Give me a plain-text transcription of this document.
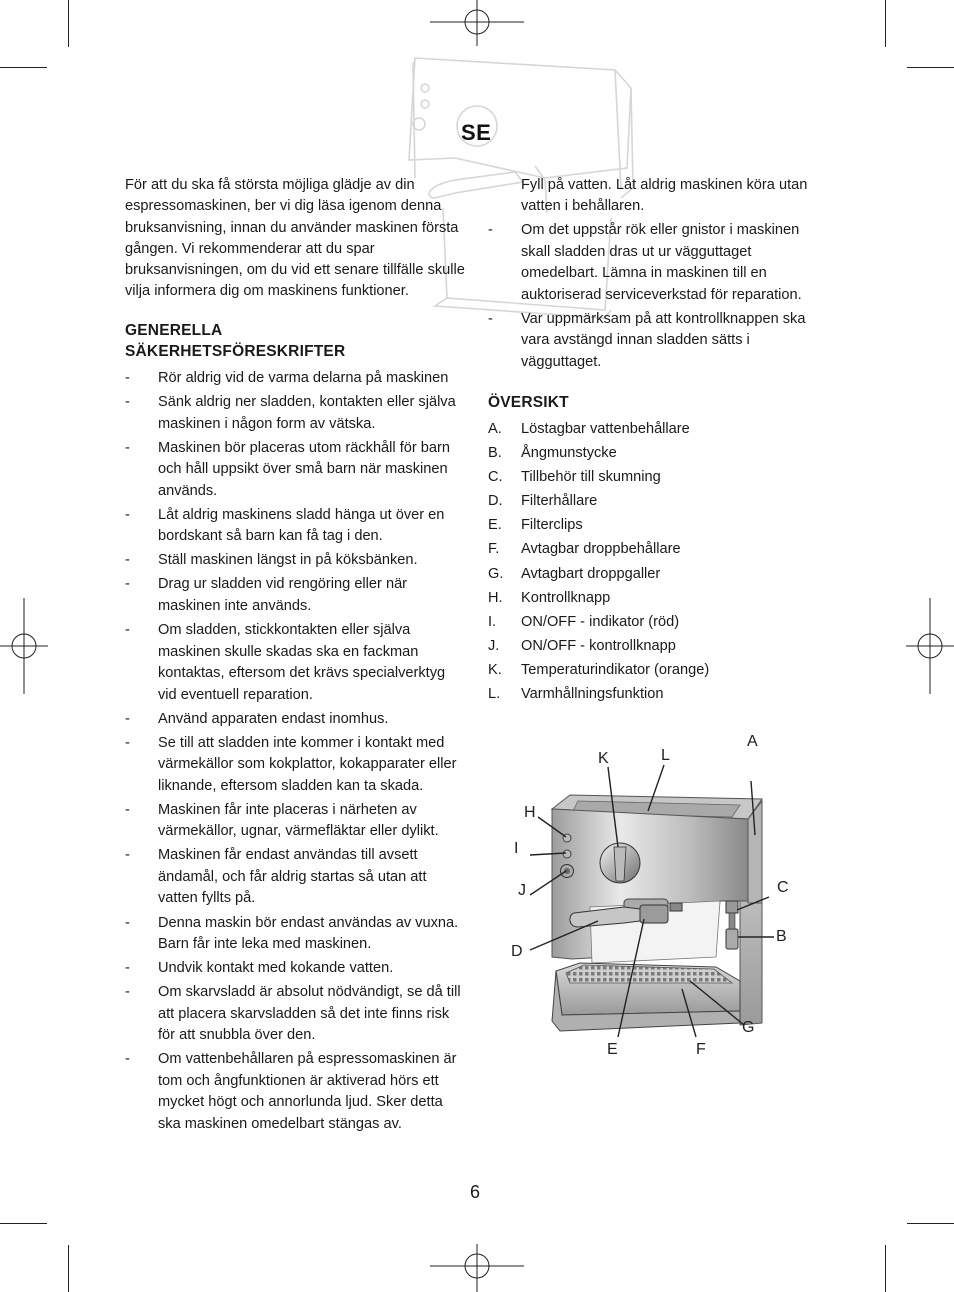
SE
För att du ska få största möjliga glädje av din espressomaskinen, ber vi dig läsa igenom denna bruksanvisning, innan du använder maskinen första gången. Vi rekommenderar att du spar bruksanvisningen, om du vid ett senare tillfälle skulle vilja informera dig om maskinens funktioner.
GENERELLA
SÄKERHETSFÖRESKRIFTER
- Rör aldrig vid de varma delarna på maskinen
- Sänk aldrig ner sladden, kontakten eller själva maskinen i någon form av vätska.
- Maskinen bör placeras utom räckhåll för barn och håll uppsikt över små barn när maskinen används.
- Låt aldrig maskinens sladd hänga ut över en bordskant så barn kan få tag i den.
- Ställ maskinen längst in på köksbänken.
- Drag ur sladden vid rengöring eller när maskinen inte används.
- Om sladden, stickkontakten eller själva maskinen skulle skadas ska en fackman kontaktas, eftersom det krävs specialverktyg vid eventuell reparation.
- Använd apparaten endast inomhus.
- Se till att sladden inte kommer i kontakt med värmekällor som kokplattor, kokapparater eller liknande, eftersom sladden kan ta skada.
- Maskinen får inte placeras i närheten av värmekällor, ugnar, värmefläktar eller dylikt.
- Maskinen får endast användas till avsett ändamål, och får aldrig startas så utan att vatten fyllts på.
- Denna maskin bör endast användas av vuxna. Barn får inte leka med maskinen.
- Undvik kontakt med kokande vatten.
- Om skarvsladd är absolut nödvändigt, se då till att placera skarvsladden så det inte finns risk för att snubbla över den.
- Om vattenbehållaren på espressomaskinen är tom och ångfunktionen är aktiverad hörs ett mycket högt och annorlunda ljud. Sker detta ska maskinen omedelbart stängas av.
Fyll på vatten. Låt aldrig maskinen köra utan vatten i behållaren.
- Om det uppstår rök eller gnistor i maskinen skall sladden dras ut ur vägguttaget omedelbart. Lämna in maskinen till en auktoriserad serviceverkstad för reparation.
- Var uppmärksam på att kontrollknappen ska vara avstängd innan sladden sätts i vägguttaget.
ÖVERSIKT
A. Löstagbar vattenbehållare
B. Ångmunstycke
C. Tillbehör till skumning
D. Filterhållare
E. Filterclips
F. Avtagbar droppbehållare
G. Avtagbart droppgaller
H. Kontrollknapp
I. ON/OFF - indikator (röd)
J. ON/OFF - kontrollknapp
K. Temperaturindikator (orange)
L. Varmhållningsfunktion
A
K	L
H
I
J	C
B
D
G
E	F
6
